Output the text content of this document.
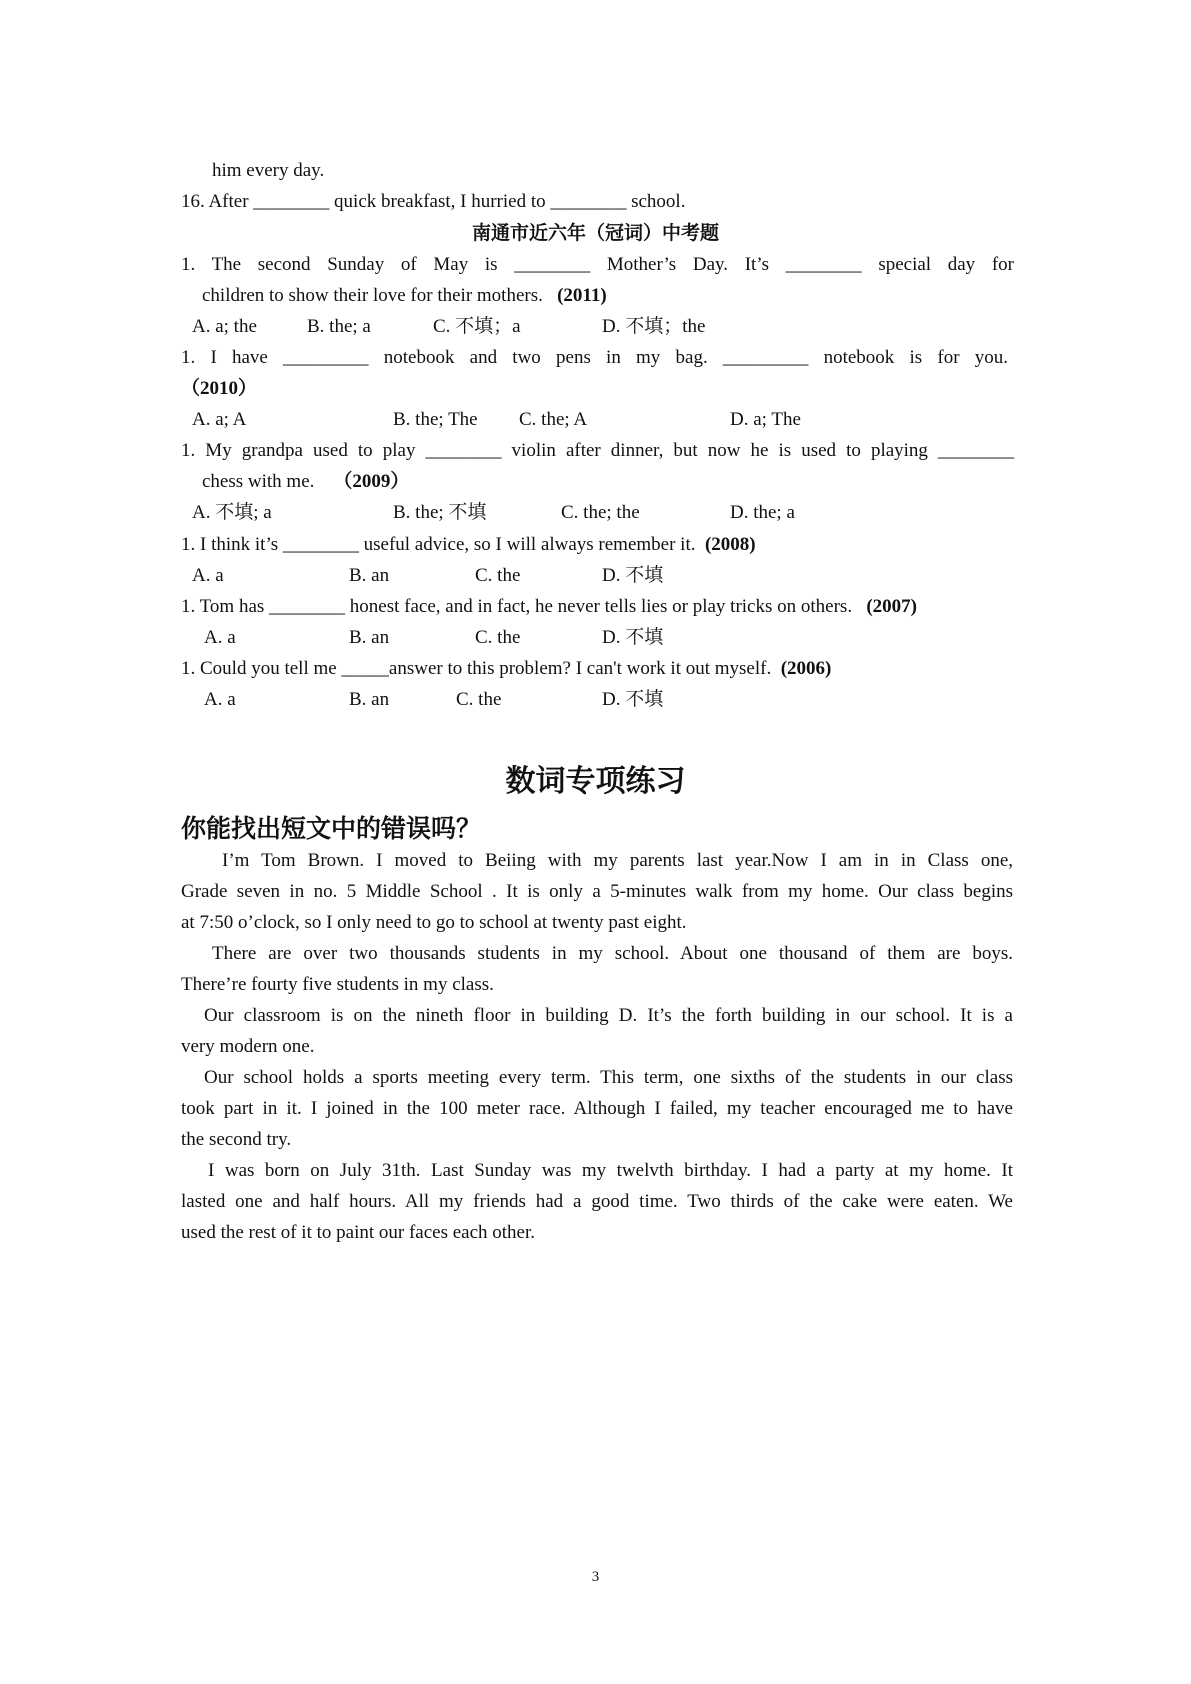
him every day.
16. After ________ quick breakfast, I hurried to ________ school.
南通市近六年（冠词）中考题
1. The second Sunday of May is ________ Mother’s Day. It’s ________ special day for
children to show their love for their mothers. (2011)
A. a; the	B. the; a	C. 不填；a	D. 不填；the
1. I have _________ notebook and two pens in my bag. _________ notebook is for you.
（2010）
A. a; A	B. the; The C. the; A	D. a; The
1. My grandpa used to play ________ violin after dinner, but now he is used to playing ________
chess with me. （2009）
A. 不填; a	B. the; 不填	C. the; the	D. the; a
1. I think it’s ________ useful advice, so I will always remember it. (2008)
A. a	B. an	C. the	D. 不填
1. Tom has ________ honest face, and in fact, he never tells lies or play tricks on others. (2007)
A. a	B. an	C. the	D. 不填
1. Could you tell me _____answer to this problem? I can't work it out myself. (2006)
A. a	B. an	C. the	D. 不填
数词专项练习
你能找出短文中的错误吗？
I’m Tom Brown. I moved to Beiing with my parents last year.Now I am in in Class one,
Grade seven in no. 5 Middle School . It is only a 5-minutes walk from my home. Our class begins
at 7:50 o’clock, so I only need to go to school at twenty past eight.
There are over two thousands students in my school. About one thousand of them are boys.
There’re fourty five students in my class.
Our classroom is on the nineth floor in building D. It’s the forth building in our school. It is a
very modern one.
Our school holds a sports meeting every term. This term, one sixths of the students in our class
took part in it. I joined in the 100 meter race. Although I failed, my teacher encouraged me to have
the second try.
I was born on July 31th. Last Sunday was my twelvth birthday. I had a party at my home. It
lasted one and half hours. All my friends had a good time. Two thirds of the cake were eaten. We
used the rest of it to paint our faces each other.
3
